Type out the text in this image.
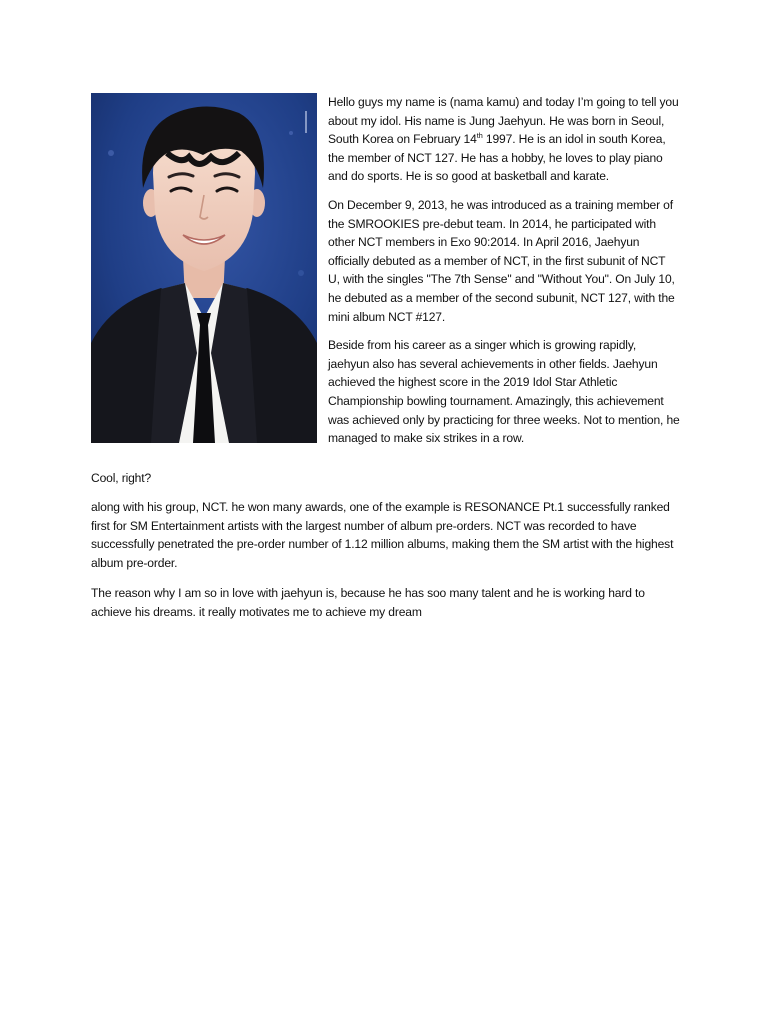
Hello guys my name is (nama kamu) and today I’m going to tell you about my idol. His name is Jung Jaehyun. He was born in Seoul, South Korea on February 14th 1997. He is an idol in south Korea, the member of NCT 127. He has a hobby, he loves to play piano and do sports. He is so good at basketball and karate.

On December 9, 2013, he was introduced as a training member of the SMROOKIES pre-debut team. In 2014, he participated with other NCT members in Exo 90:2014. In April 2016, Jaehyun officially debuted as a member of NCT, in the first subunit of NCT U, with the singles "The 7th Sense" and "Without You". On July 10, he debuted as a member of the second subunit, NCT 127, with the mini album NCT #127.

Beside from his career as a singer which is growing rapidly, jaehyun also has several achievements in other fields. Jaehyun achieved the highest score in the 2019 Idol Star Athletic Championship bowling tournament. Amazingly, this achievement was achieved only by practicing for three weeks. Not to mention, he managed to make six strikes in a row.

Cool, right?

along with his group, NCT. he won many awards, one of the example is RESONANCE Pt.1 successfully ranked first for SM Entertainment artists with the largest number of album pre-orders. NCT was recorded to have successfully penetrated the pre-order number of 1.12 million albums, making them the SM artist with the highest album pre-order.

The reason why I am so in love with jaehyun is, because he has soo many talent and he is working hard to achieve his dreams. it really motivates me to achieve my dream
